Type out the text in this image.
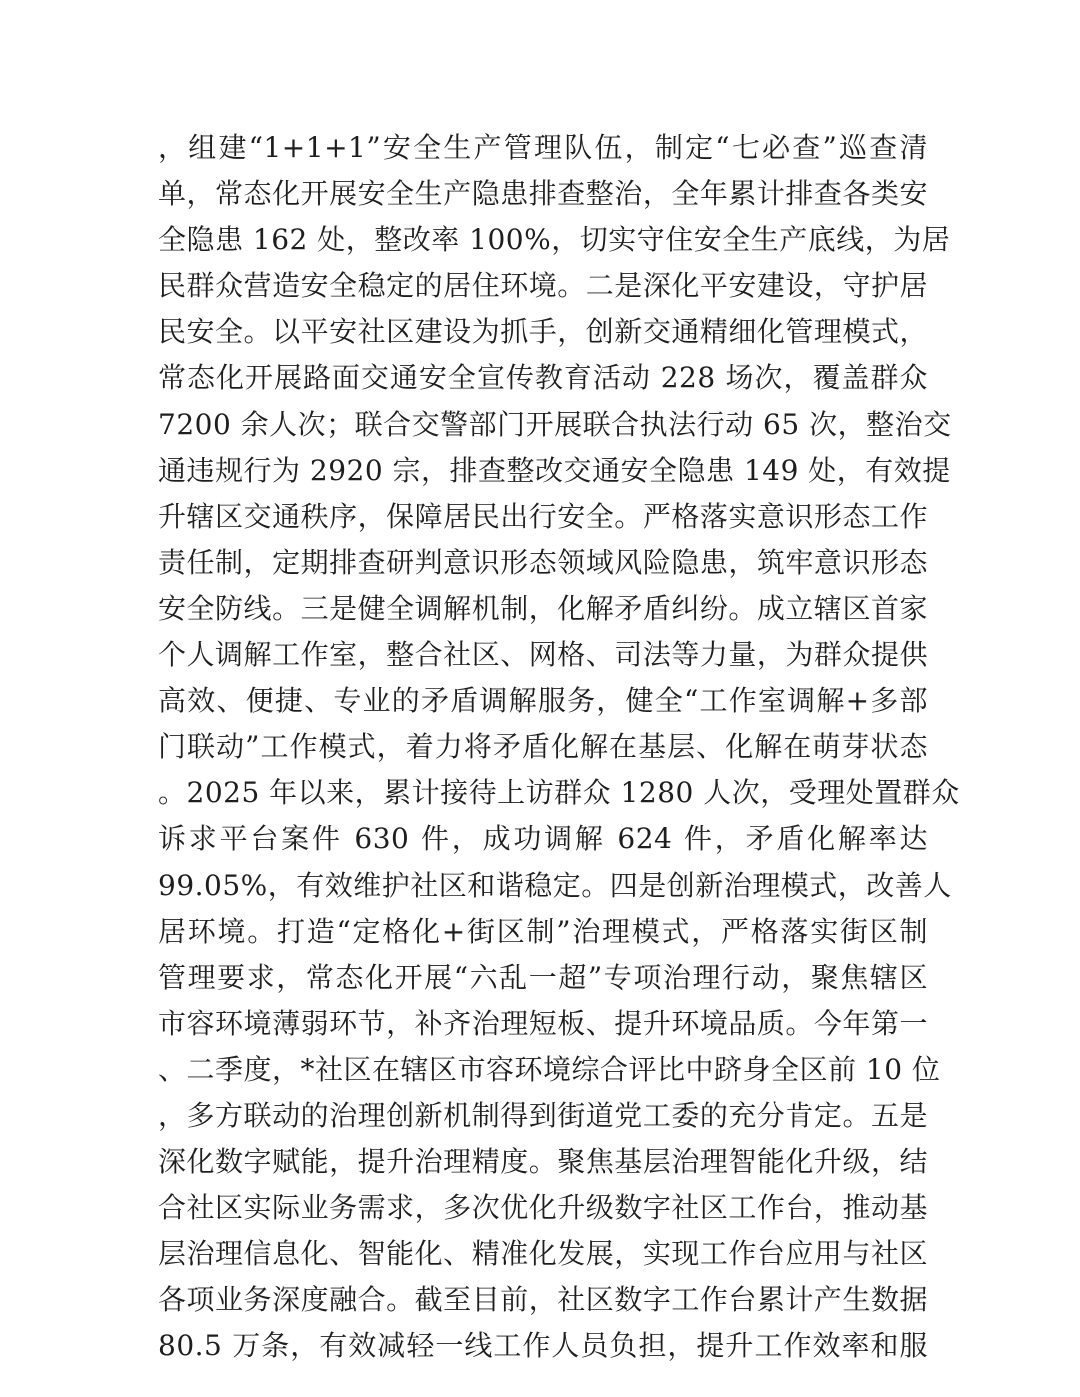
，组建“1+1+1”安全生产管理队伍，制定“七必查”巡查清
单，常态化开展安全生产隐患排查整治，全年累计排查各类安
全隐患 162 处，整改率 100%，切实守住安全生产底线，为居
民群众营造安全稳定的居住环境。二是深化平安建设，守护居
民安全。以平安社区建设为抓手，创新交通精细化管理模式，
常态化开展路面交通安全宣传教育活动 228 场次，覆盖群众
7200 余人次；联合交警部门开展联合执法行动 65 次，整治交
通违规行为 2920 宗，排查整改交通安全隐患 149 处，有效提
升辖区交通秩序，保障居民出行安全。严格落实意识形态工作
责任制，定期排查研判意识形态领域风险隐患，筑牢意识形态
安全防线。三是健全调解机制，化解矛盾纠纷。成立辖区首家
个人调解工作室，整合社区、网格、司法等力量，为群众提供
高效、便捷、专业的矛盾调解服务，健全“工作室调解+多部
门联动”工作模式，着力将矛盾化解在基层、化解在萌芽状态
。2025 年以来，累计接待上访群众 1280 人次，受理处置群众
诉求平台案件 630 件，成功调解 624 件，矛盾化解率达
99.05%，有效维护社区和谐稳定。四是创新治理模式，改善人
居环境。打造“定格化+街区制”治理模式，严格落实街区制
管理要求，常态化开展“六乱一超”专项治理行动，聚焦辖区
市容环境薄弱环节，补齐治理短板、提升环境品质。今年第一
、二季度，*社区在辖区市容环境综合评比中跻身全区前 10 位
，多方联动的治理创新机制得到街道党工委的充分肯定。五是
深化数字赋能，提升治理精度。聚焦基层治理智能化升级，结
合社区实际业务需求，多次优化升级数字社区工作台，推动基
层治理信息化、智能化、精准化发展，实现工作台应用与社区
各项业务深度融合。截至目前，社区数字工作台累计产生数据
80.5 万条，有效减轻一线工作人员负担，提升工作效率和服
